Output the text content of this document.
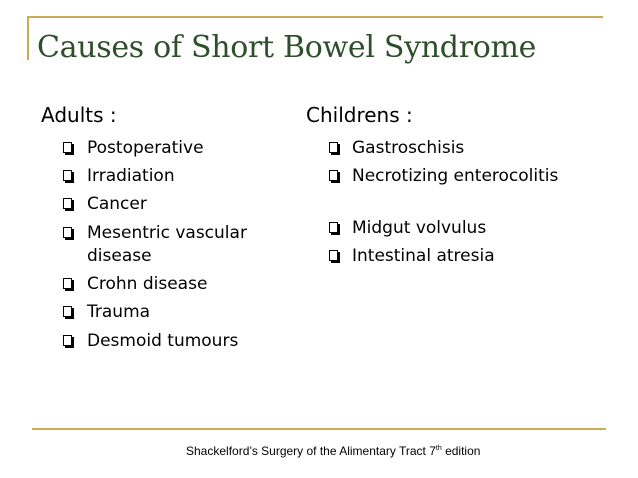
Causes of Short Bowel Syndrome
Adults :
Postoperative
Irradiation
Cancer
Mesentric vascular
disease
Crohn disease
Trauma
Desmoid tumours
Childrens :
Gastroschisis
Necrotizing enterocolitis
Midgut volvulus
Intestinal atresia
Shackelford’s Surgery of the Alimentary Tract 7th edition
